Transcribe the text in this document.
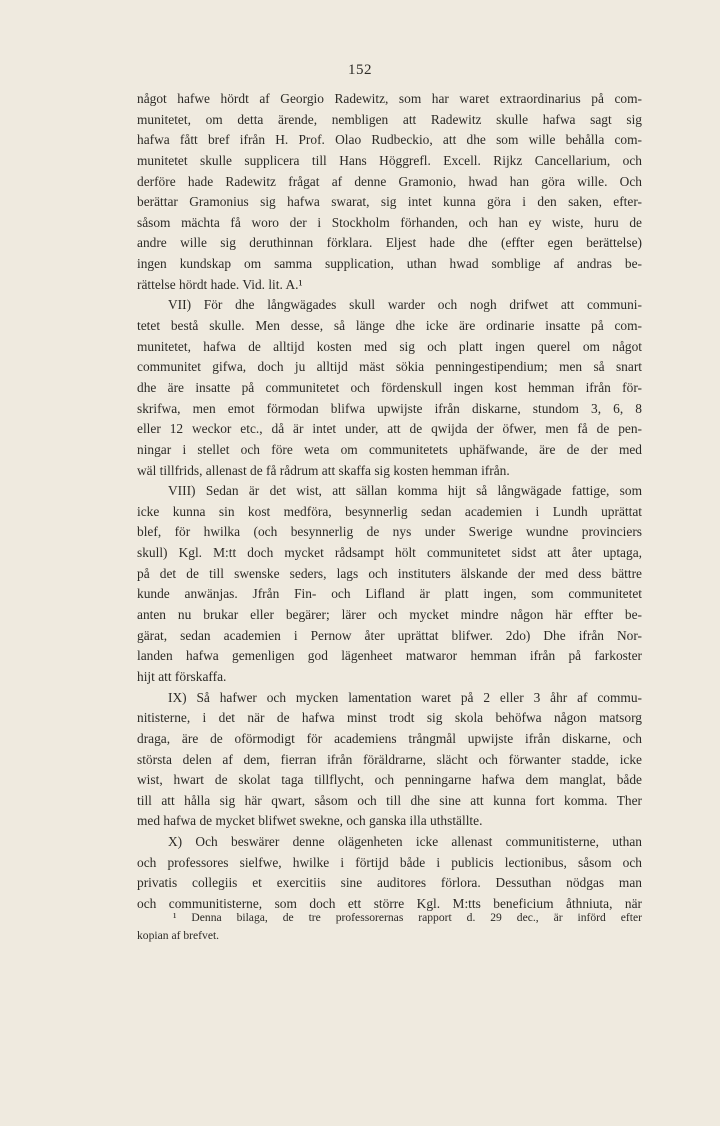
152
något hafwe hördt af Georgio Radewitz, som har waret extraordinarius på com-
munitetet, om detta ärende, nembligen att Radewitz skulle hafwa sagt sig
hafwa fått bref ifrån H. Prof. Olao Rudbeckio, att dhe som wille behålla com-
munitetet skulle supplicera till Hans Höggrefl. Excell. Rijkz Cancellarium, och
derföre hade Radewitz frågat af denne Gramonio, hwad han göra wille. Och
berättar Gramonius sig hafwa swarat, sig intet kunna göra i den saken, efter-
såsom mächta få woro der i Stockholm förhanden, och han ey wiste, huru de
andre wille sig deruthinnan förklara. Eljest hade dhe (effter egen berättelse)
ingen kundskap om samma supplication, uthan hwad somblige af andras be-
rättelse hördt hade. Vid. lit. A.¹
VII) För dhe långwägades skull warder och nogh drifwet att communi-
tetet bestå skulle. Men desse, så länge dhe icke äre ordinarie insatte på com-
munitetet, hafwa de alltijd kosten med sig och platt ingen querel om något
communitet gifwa, doch ju alltijd mäst sökia penningestipendium; men så snart
dhe äre insatte på communitetet och fördenskull ingen kost hemman ifrån för-
skrifwa, men emot förmodan blifwa upwijste ifrån diskarne, stundom 3, 6, 8
eller 12 weckor etc., då är intet under, att de qwijda der öfwer, men få de pen-
ningar i stellet och före weta om communitetets uphäfwande, äre de der med
wäl tillfrids, allenast de få rådrum att skaffa sig kosten hemman ifrån.
VIII) Sedan är det wist, att sällan komma hijt så långwägade fattige, som
icke kunna sin kost medföra, besynnerlig sedan academien i Lundh uprättat
blef, för hwilka (och besynnerlig de nys under Swerige wundne provinciers
skull) Kgl. M:tt doch mycket rådsampt hölt communitetet sidst att åter uptaga,
på det de till swenske seders, lags och instituters älskande der med dess bättre
kunde anwänjas. Jfrån Fin- och Lifland är platt ingen, som communitetet
anten nu brukar eller begärer; lärer och mycket mindre någon här effter be-
gärat, sedan academien i Pernow åter uprättat blifwer. 2do) Dhe ifrån Nor-
landen hafwa gemenligen god lägenheet matwaror hemman ifrån på farkoster
hijt att förskaffa.
IX) Så hafwer och mycken lamentation waret på 2 eller 3 åhr af commu-
nitisterne, i det när de hafwa minst trodt sig skola behöfwa någon matsorg
draga, äre de oförmodigt för academiens trångmål upwijste ifrån diskarne, och
största delen af dem, fierran ifrån föräldrarne, slächt och förwanter stadde, icke
wist, hwart de skolat taga tillflycht, och penningarne hafwa dem manglat, både
till att hålla sig här qwart, såsom och till dhe sine att kunna fort komma. Ther
med hafwa de mycket blifwet swekne, och ganska illa uthställte.
X) Och beswärer denne olägenheten icke allenast communitisterne, uthan
och professores sielfwe, hwilke i förtijd både i publicis lectionibus, såsom och
privatis collegiis et exercitiis sine auditores förlora. Dessuthan nödgas man
och communitisterne, som doch ett större Kgl. M:tts beneficium åthniuta, när
¹ Denna bilaga, de tre professorernas rapport d. 29 dec., är införd efter
kopian af brefvet.
